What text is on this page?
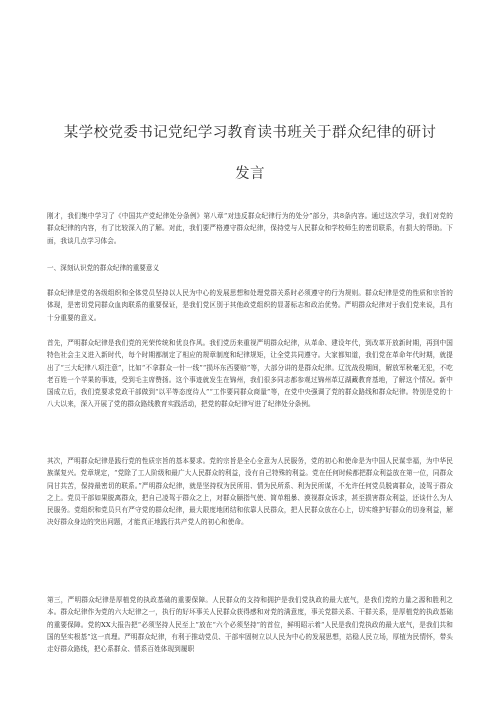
某学校党委书记党纪学习教育读书班关于群众纪律的研讨
发言

刚才，我们集中学习了《中国共产党纪律处分条例》第八章“对违反群众纪律行为的处分”部分，共8条内容。通过这次学习，我们对党的群众纪律的内容，有了比较深入的了解。对此，我们要严格遵守群众纪律，保持党与人民群众和学校师生的密切联系，有损大的帮助。下面，我谈几点学习体会。

一、深刻认识党的群众纪律的重要意义

群众纪律是党的各级组织和全体党员坚持以人民为中心的发展思想和处理党群关系时必须遵守的行为规则。群众纪律是党的性质和宗旨的体现，是密切党同群众血肉联系的重要保证，是我们党区别于其他政党组织的显著标志和政治优势。严明群众纪律对于我们党来说，具有十分重要的意义。

首先，严明群众纪律是我们党的光荣传统和优良作风。我们党历来重视严明群众纪律，从革命、建设年代，到改革开放新时期，再到中国特色社会主义进入新时代，每个时期都制定了相应的规章制度和纪律规矩，让全党共同遵守。大家都知道，我们党在革命年代时期，就提出了“三大纪律八项注意”，比如“不拿群众一针一线”“损坏东西要赔”等，大部分讲的是群众纪律。辽沈战役期间，解放军秋毫无犯，不吃老百姓一个苹果的事迹，受到毛主席赞扬。这个事迹就发生在锦州，我们很多同志都参观过锦州革辽湖藏教育基地，了解这个情况。新中国成立后，我们党要求党政干部做到“以平等态度待人”“工作要同群众商量”等，在党中央强调了党的群众路线和群众纪律。特别是党的十八大以来，深入开展了党的群众路线教育实践活动，把党的群众纪律写进了纪律处分条例。

其次，严明群众纪律是践行党的性质宗旨的基本要求。党的宗旨是全心全意为人民服务，党的初心和使命是为中国人民谋幸福，为中华民族谋复兴。党章规定，“党除了工人阶级和最广大人民群众的利益，没有自己特殊的利益。党在任何时候都把群众利益放在第一位，同群众同甘共苦，保持最密切的联系。”严明群众纪律，就是坚持权为民所用、情为民所系、利为民所谋，不允许任何党员脱离群众，凌驾于群众之上。党员干部如果脱离群众，把自己凌驾于群众之上，对群众颐指气使、简单粗暴、漠视群众诉求，甚至损害群众利益，还谈什么为人民服务。党组织和党员只有严守党的群众纪律，最大限度地团结和依靠人民群众，把人民群众放在心上，切实维护好群众的切身利益，解决好群众身边的突出问题，才能真正地践行共产党人的初心和使命。

第三，严明群众纪律是厚植党的执政基础的重要保障。人民群众的支持和拥护是我们党执政的最大底气，是我们党的力量之源和胜利之本。群众纪律作为党的六大纪律之一，执行的好坏事关人民群众获得感和对党的满意度，事关党群关系、干群关系，是厚植党的执政基础的重要保障。党的XX大报告把“必须坚持人民至上”放在“六个必须坚持”的首位，鲜明昭示着“人民是我们党执政的最大底气，是我们共和国的坚实根基”这一真理。严明群众纪律，有利于推动党员、干部牢固树立以人民为中心的发展思想，站稳人民立场，厚植为民情怀，带头走好群众路线，把心系群众、情系百姓体现到履职
